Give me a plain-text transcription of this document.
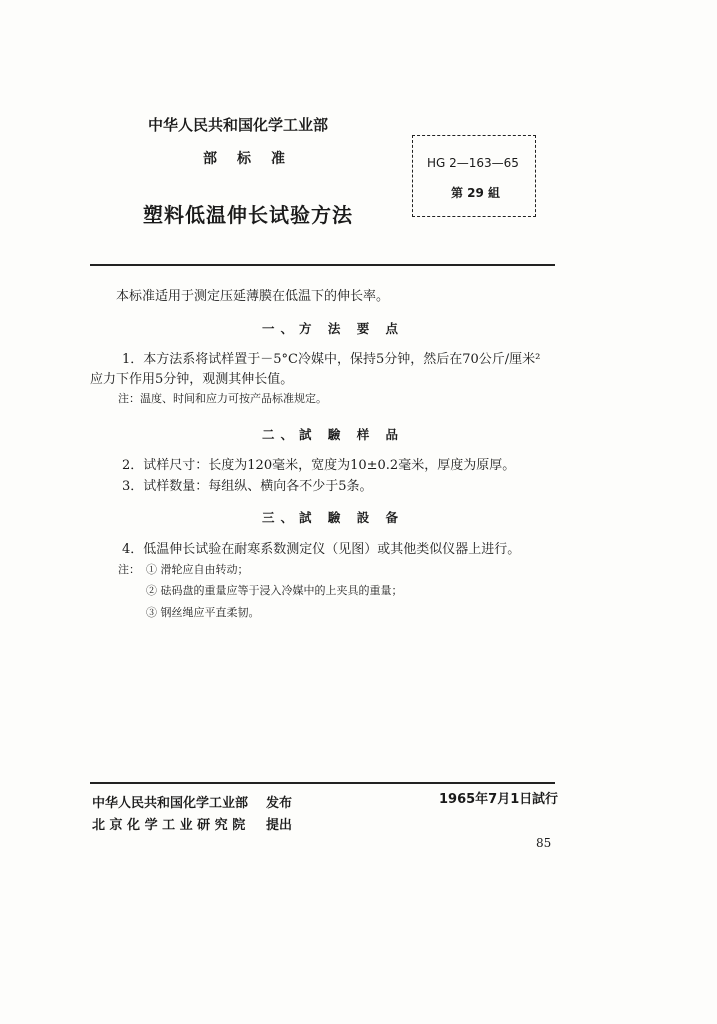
中华人民共和国化学工业部
部标准
塑料低温伸长试验方法
HG 2—163—65
第 29 組
本标准适用于测定压延薄膜在低温下的伸长率。
一、方 法 要 点
1．本方法系将试样置于－5°C冷媒中，保持5分钟，然后在70公斤/厘米²
应力下作用5分钟，观测其伸长值。
注：温度、时间和应力可按产品标准规定。
二、試 驗 样 品
2．试样尺寸：长度为120毫米，宽度为10±0.2毫米，厚度为原厚。
3．试样数量：每组纵、横向各不少于5条。
三、試 驗 設 备
4．低温伸长试验在耐寒系数测定仪（见图）或其他类似仪器上进行。
注： ① 滑轮应自由转动；
② 砝码盘的重量应等于浸入冷媒中的上夹具的重量；
③ 钢丝绳应平直柔韧。
中华人民共和国化学工业部 发布	1965年7月1日 試行
北 京 化 学 工 业 研 究 院 提出
85
